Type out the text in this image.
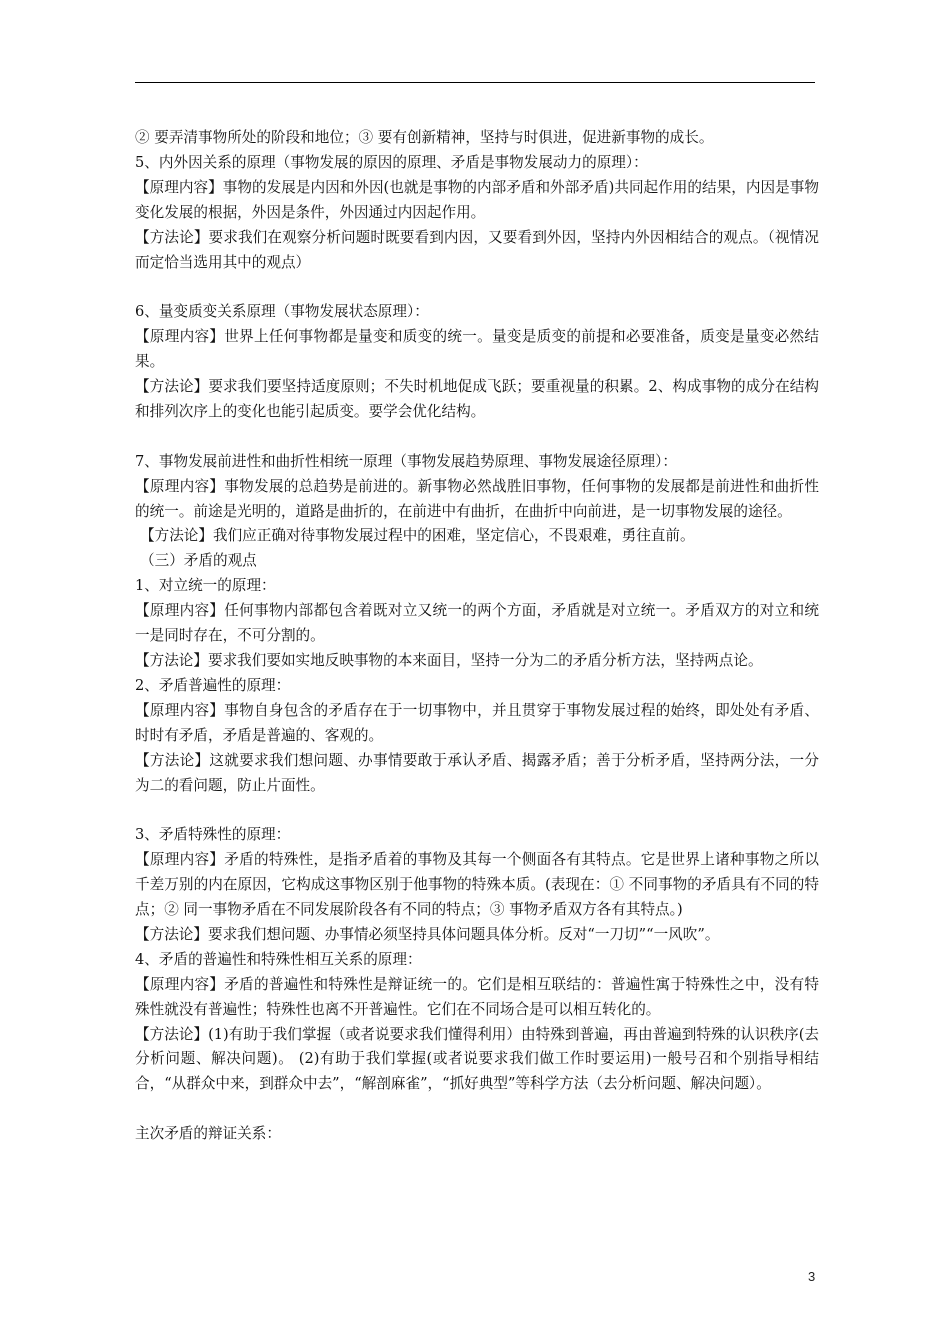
② 要弄清事物所处的阶段和地位；③ 要有创新精神，坚持与时俱进，促进新事物的成长。

5、内外因关系的原理（事物发展的原因的原理、矛盾是事物发展动力的原理）：

【原理内容】事物的发展是内因和外因(也就是事物的内部矛盾和外部矛盾)共同起作用的结果，内因是事物变化发展的根据，外因是条件，外因通过内因起作用。

【方法论】要求我们在观察分析问题时既要看到内因，又要看到外因，坚持内外因相结合的观点。（视情况而定恰当选用其中的观点）

6、量变质变关系原理（事物发展状态原理）：

【原理内容】世界上任何事物都是量变和质变的统一。量变是质变的前提和必要准备，质变是量变必然结果。

【方法论】要求我们要坚持适度原则；不失时机地促成飞跃；要重视量的积累。2、构成事物的成分在结构和排列次序上的变化也能引起质变。要学会优化结构。

7、事物发展前进性和曲折性相统一原理（事物发展趋势原理、事物发展途径原理）：

【原理内容】事物发展的总趋势是前进的。新事物必然战胜旧事物，任何事物的发展都是前进性和曲折性的统一。前途是光明的，道路是曲折的，在前进中有曲折，在曲折中向前进，是一切事物发展的途径。

【方法论】我们应正确对待事物发展过程中的困难，坚定信心，不畏艰难，勇往直前。

（三）矛盾的观点

1、对立统一的原理：

【原理内容】任何事物内部都包含着既对立又统一的两个方面，矛盾就是对立统一。矛盾双方的对立和统一是同时存在，不可分割的。

【方法论】要求我们要如实地反映事物的本来面目，坚持一分为二的矛盾分析方法，坚持两点论。

2、矛盾普遍性的原理：

【原理内容】事物自身包含的矛盾存在于一切事物中，并且贯穿于事物发展过程的始终，即处处有矛盾、时时有矛盾，矛盾是普遍的、客观的。

【方法论】这就要求我们想问题、办事情要敢于承认矛盾、揭露矛盾；善于分析矛盾，坚持两分法，一分为二的看问题，防止片面性。

3、矛盾特殊性的原理：

【原理内容】矛盾的特殊性，是指矛盾着的事物及其每一个侧面各有其特点。它是世界上诸种事物之所以千差万别的内在原因，它构成这事物区别于他事物的特殊本质。(表现在：① 不同事物的矛盾具有不同的特点；② 同一事物矛盾在不同发展阶段各有不同的特点；③ 事物矛盾双方各有其特点。)

【方法论】要求我们想问题、办事情必须坚持具体问题具体分析。反对“一刀切”“一风吹”。

4、矛盾的普遍性和特殊性相互关系的原理：

【原理内容】矛盾的普遍性和特殊性是辩证统一的。它们是相互联结的：普遍性寓于特殊性之中，没有特殊性就没有普遍性；特殊性也离不开普遍性。它们在不同场合是可以相互转化的。

【方法论】(1)有助于我们掌握（或者说要求我们懂得利用）由特殊到普遍，再由普遍到特殊的认识秩序(去分析问题、解决问题)。 (2)有助于我们掌握(或者说要求我们做工作时要运用)一般号召和个别指导相结合，“从群众中来，到群众中去”，“解剖麻雀”，“抓好典型”等科学方法（去分析问题、解决问题）。

主次矛盾的辩证关系：

3
